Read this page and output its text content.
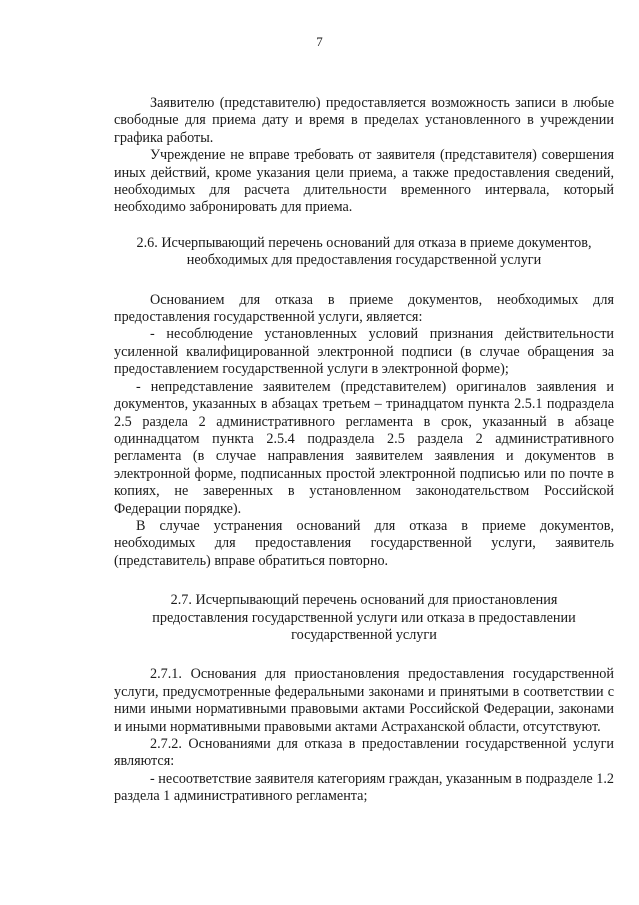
7

Заявителю (представителю) предоставляется возможность записи в любые свободные для приема дату и время в пределах установленного в учреждении графика работы.

Учреждение не вправе требовать от заявителя (представителя) совершения иных действий, кроме указания цели приема, а также предоставления сведений, необходимых для расчета длительности временного интервала, который необходимо забронировать для приема.

2.6. Исчерпывающий перечень оснований для отказа в приеме документов,

необходимых для предоставления государственной услуги

Основанием для отказа в приеме документов, необходимых для предоставления государственной услуги, является:

- несоблюдение установленных условий признания действительности усиленной квалифицированной электронной подписи (в случае обращения за предоставлением государственной услуги в электронной форме);

- непредставление заявителем (представителем) оригиналов заявления и документов, указанных в абзацах третьем – тринадцатом пункта 2.5.1 подраздела 2.5 раздела 2 административного регламента в срок, указанный в абзаце одиннадцатом пункта 2.5.4 подраздела 2.5 раздела 2 административного регламента (в случае направления заявителем заявления и документов в электронной форме, подписанных простой электронной подписью или по почте в копиях, не заверенных в установленном законодательством Российской Федерации порядке).

В случае устранения оснований для отказа в приеме документов, необходимых для предоставления государственной услуги, заявитель (представитель) вправе обратиться повторно.

2.7. Исчерпывающий перечень оснований для приостановления

предоставления государственной услуги или отказа в предоставлении

государственной услуги

2.7.1. Основания для приостановления предоставления государственной услуги, предусмотренные федеральными законами и принятыми в соответствии с ними иными нормативными правовыми актами Российской Федерации, законами и иными нормативными правовыми актами Астраханской области, отсутствуют.

2.7.2. Основаниями для отказа в предоставлении государственной услуги являются:

- несоответствие заявителя категориям граждан, указанным в подразделе 1.2 раздела 1 административного регламента;
